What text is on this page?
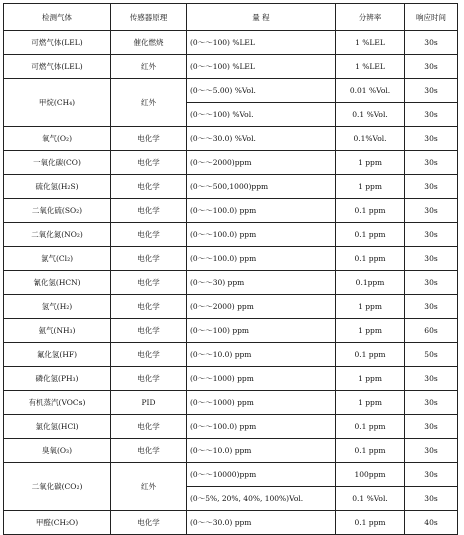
检测气体	传感器原理	量 程	分辨率	响应时间
可燃气体(LEL)	催化燃烧	(0～～100) %LEL	1 %LEL	30s
可燃气体(LEL)	红外	(0～～100) %LEL	1 %LEL	30s
甲烷(CH₄)	红外	(0～～5.00) %Vol.	0.01 %Vol.	30s
		(0～～100) %Vol.	0.1 %Vol.	30s
氧气(O₂)	电化学	(0～～30.0) %Vol.	0.1%Vol.	30s
一氧化碳(CO)	电化学	(0～～2000)ppm	1 ppm	30s
硫化氢(H₂S)	电化学	(0～～500,1000)ppm	1 ppm	30s
二氧化硫(SO₂)	电化学	(0～～100.0) ppm	0.1 ppm	30s
二氧化氮(NO₂)	电化学	(0～～100.0) ppm	0.1 ppm	30s
氯气(Cl₂)	电化学	(0～～100.0) ppm	0.1 ppm	30s
氰化氢(HCN)	电化学	(0～～30) ppm	0.1ppm	30s
氢气(H₂)	电化学	(0～～2000) ppm	1 ppm	30s
氨气(NH₃)	电化学	(0～～100) ppm	1 ppm	60s
氟化氢(HF)	电化学	(0～～10.0) ppm	0.1 ppm	50s
磷化氢(PH₃)	电化学	(0～～1000) ppm	1 ppm	30s
有机蒸汽(VOCs)	PID	(0～～1000) ppm	1 ppm	30s
氯化氢(HCl)	电化学	(0～～100.0) ppm	0.1 ppm	30s
臭氧(O₃)	电化学	(0～～10.0) ppm	0.1 ppm	30s
二氧化碳(CO₂)	红外	(0～～10000)ppm	100ppm	30s
		(0～5%, 20%, 40%, 100%)Vol.	0.1 %Vol.	30s
甲醛(CH₂O)	电化学	(0～～30.0) ppm	0.1 ppm	40s
